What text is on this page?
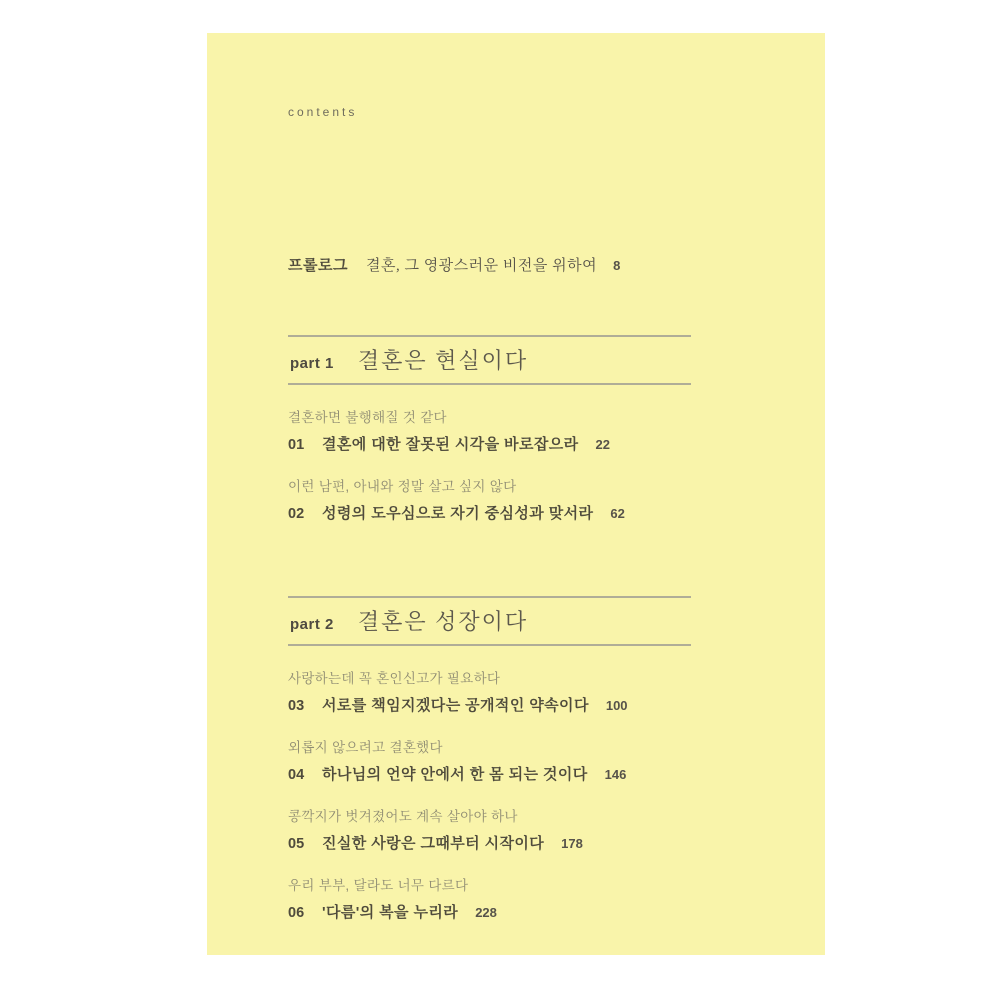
contents
프롤로그 결혼, 그 영광스러운 비전을 위하여 8
part 1 결혼은 현실이다
결혼하면 불행해질 것 같다
01	결혼에 대한 잘못된 시각을 바로잡으라 22
이런 남편, 아내와 정말 살고 싶지 않다
02	성령의 도우심으로 자기 중심성과 맞서라 62
part 2 결혼은 성장이다
사랑하는데 꼭 혼인신고가 필요하다
03	서로를 책임지겠다는 공개적인 약속이다 100
외롭지 않으려고 결혼했다
04	하나님의 언약 안에서 한 몸 되는 것이다 146
콩깍지가 벗겨졌어도 계속 살아야 하나
05	진실한 사랑은 그때부터 시작이다 178
우리 부부, 달라도 너무 다르다
06	'다름'의 복을 누리라 228
